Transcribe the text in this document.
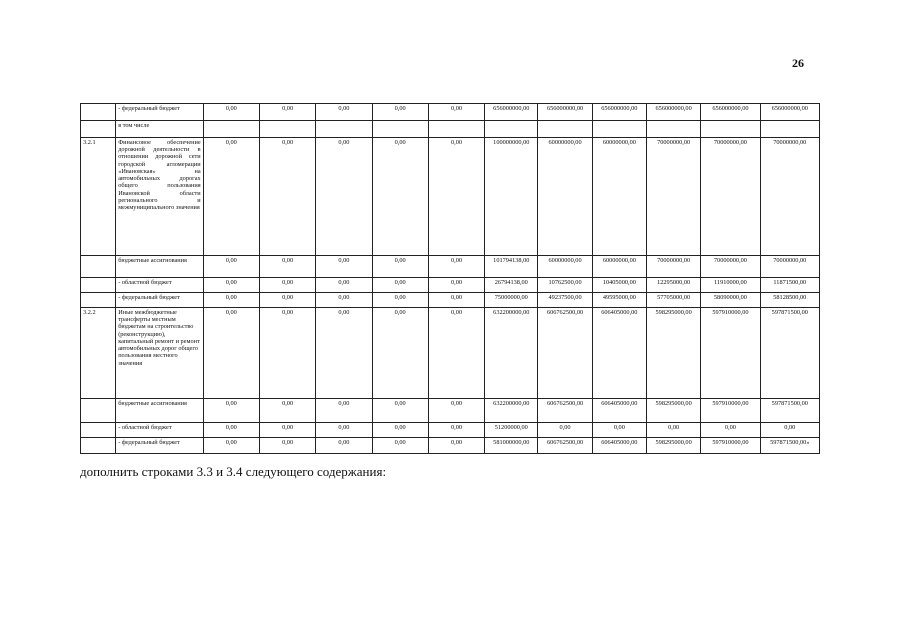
26
	- федеральный бюджет	0,00	0,00	0,00	0,00	0,00	656000000,00	656000000,00	656000000,00	656000000,00	656000000,00	656000000,00
	в том числе											
3.2.1	Финансовое обеспечение дорожной деятельности в отношении дорожной сети городской агломерации «Ивановская» на автомобильных дорогах общего пользования Ивановской области регионального и межмуниципального значения	0,00	0,00	0,00	0,00	0,00	100000000,00	60000000,00	60000000,00	70000000,00	70000000,00	70000000,00
	бюджетные ассигнования	0,00	0,00	0,00	0,00	0,00	101794138,00	60000000,00	60000000,00	70000000,00	70000000,00	70000000,00
	- областной бюджет	0,00	0,00	0,00	0,00	0,00	26794138,00	10762500,00	10405000,00	12295000,00	11910000,00	11871500,00
	- федеральный бюджет	0,00	0,00	0,00	0,00	0,00	75000000,00	49237500,00	49595000,00	57705000,00	58090000,00	58128500,00
3.2.2	Иные межбюджетные трансферты местным бюджетам на строительство (реконструкцию), капитальный ремонт и ремонт автомобильных дорог общего пользования местного значения	0,00	0,00	0,00	0,00	0,00	632200000,00	606762500,00	606405000,00	598295000,00	597910000,00	597871500,00
	бюджетные ассигнования	0,00	0,00	0,00	0,00	0,00	632200000,00	606762500,00	606405000,00	598295000,00	597910000,00	597871500,00
	- областной бюджет	0,00	0,00	0,00	0,00	0,00	51200000,00	0,00	0,00	0,00	0,00	0,00
	- федеральный бюджет	0,00	0,00	0,00	0,00	0,00	581000000,00	606762500,00	606405000,00	598295000,00	597910000,00	597871500,00»
дополнить строками 3.3 и 3.4 следующего содержания:
